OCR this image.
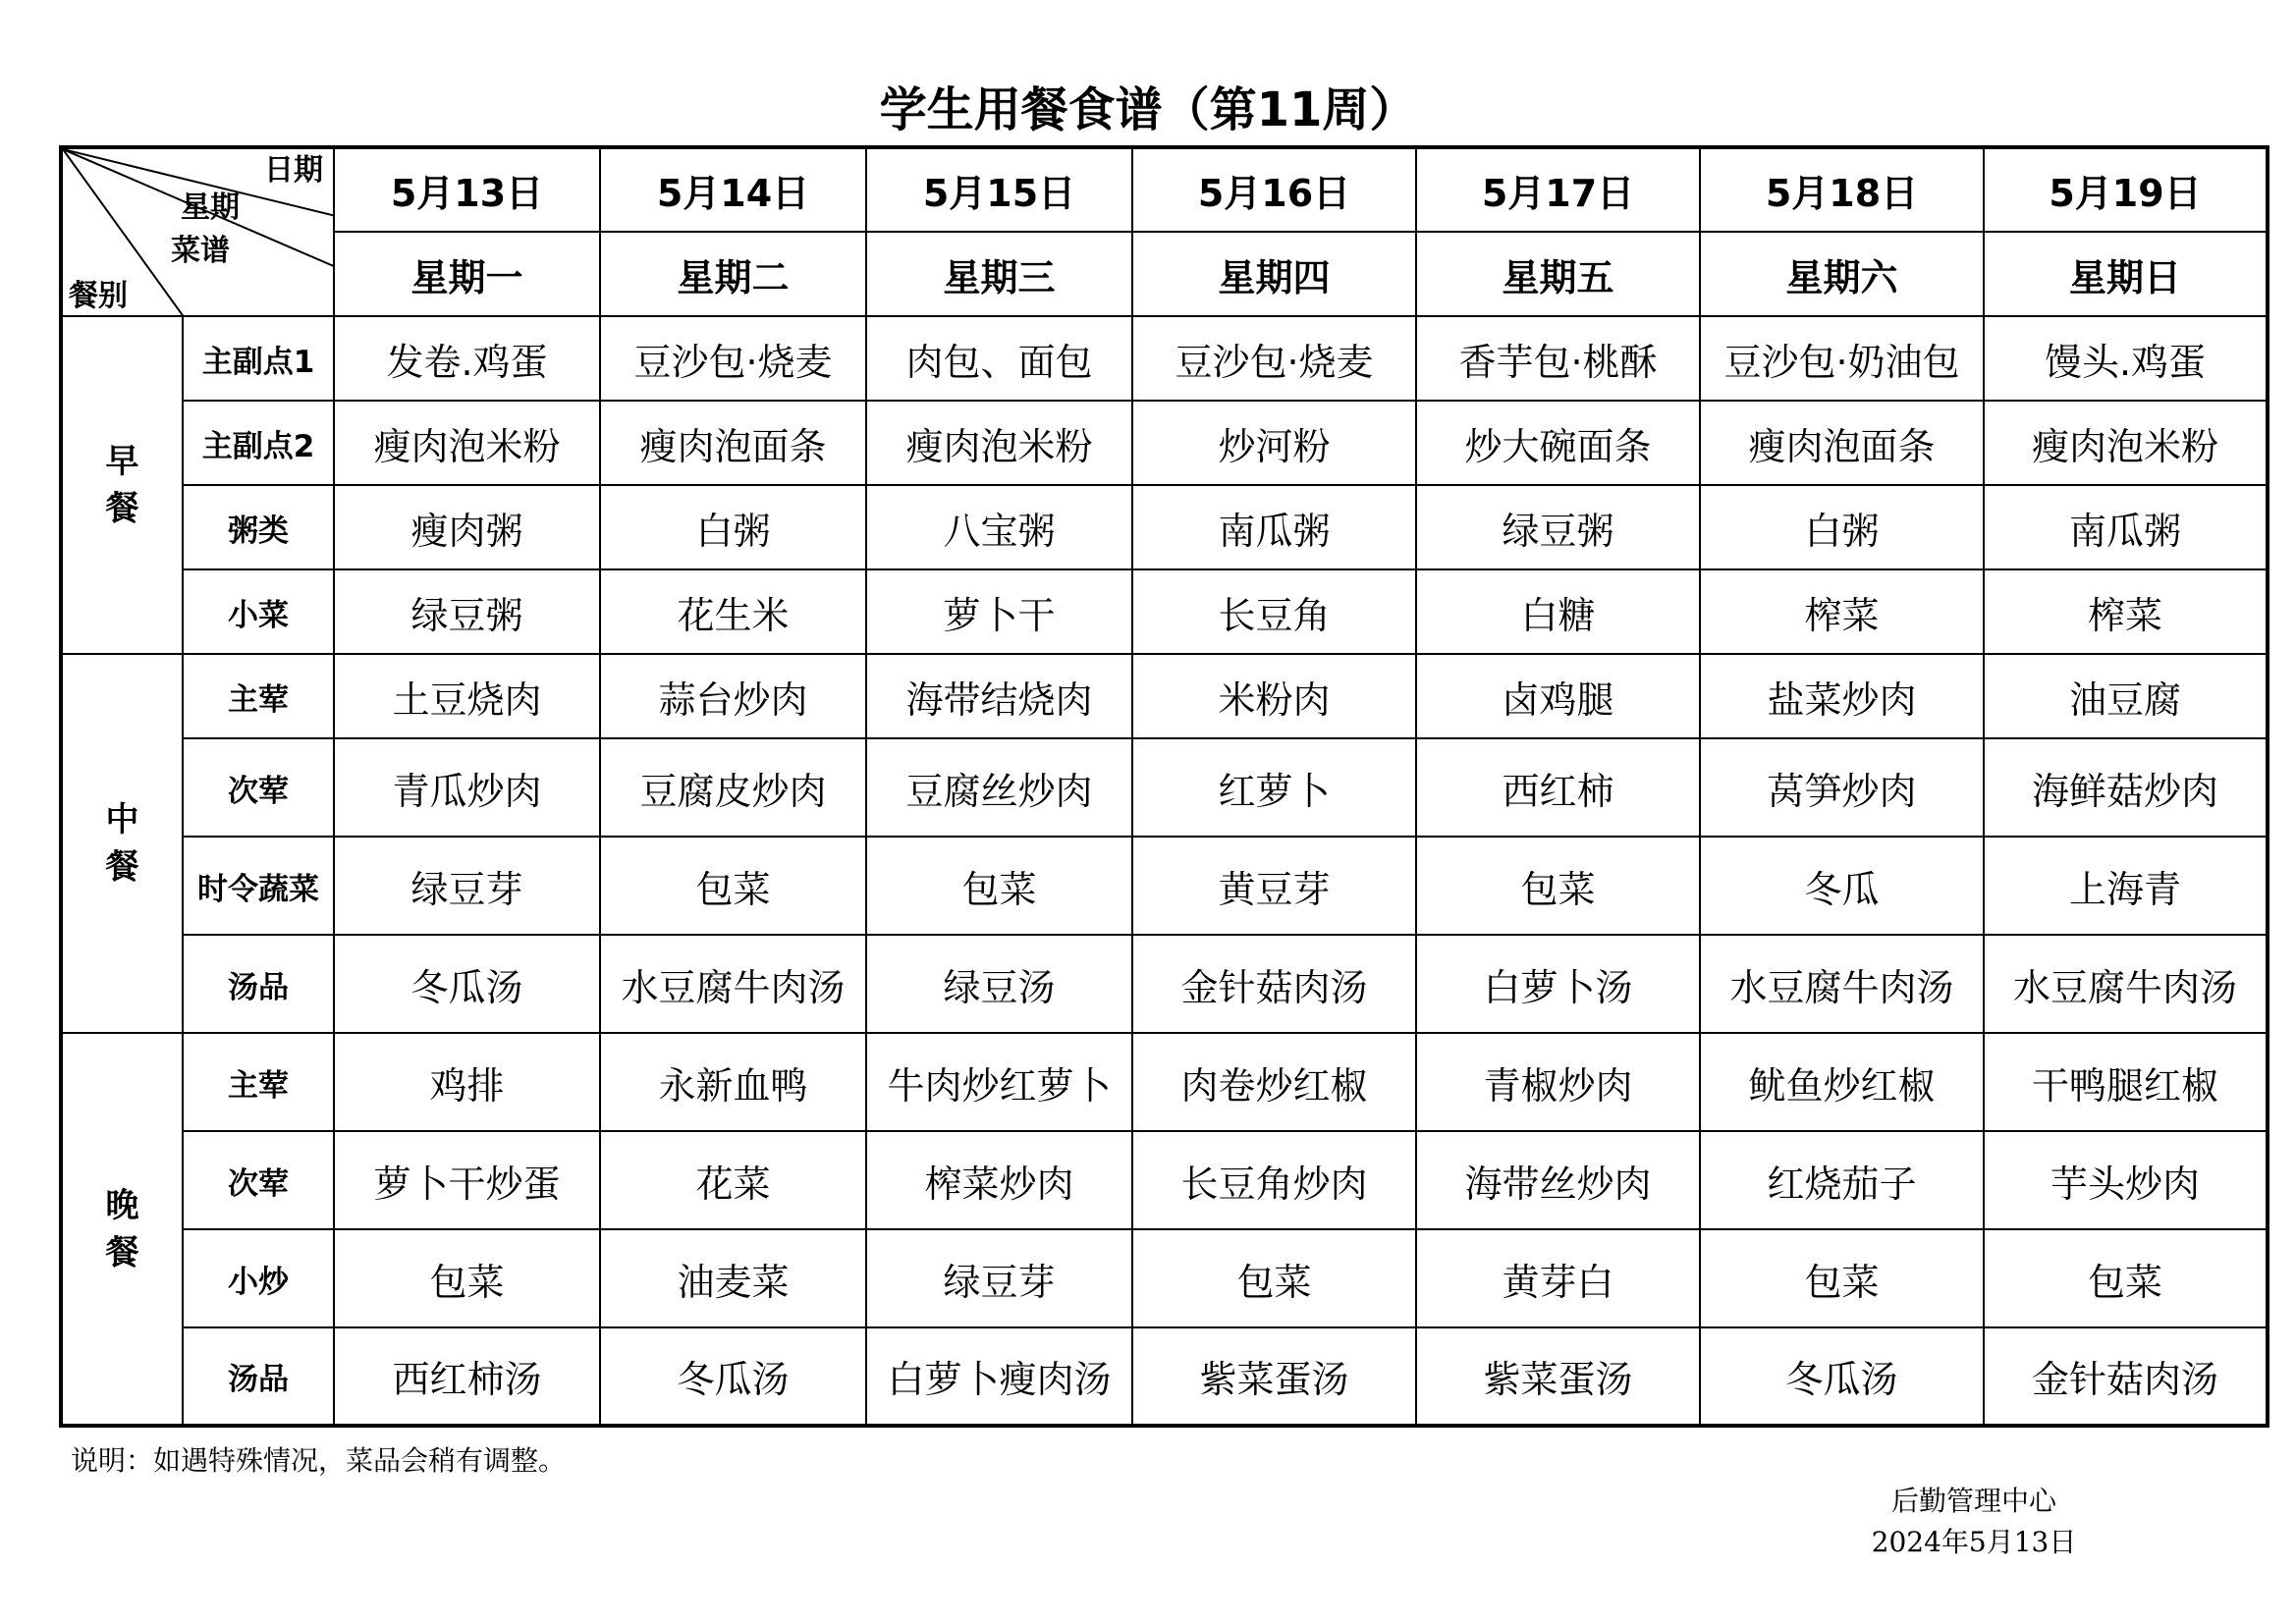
学生用餐食谱（第11周）
日期
星期
菜谱
餐别		5月13日	5月14日	5月15日	5月16日	5月17日	5月18日	5月19日
		星期一	星期二	星期三	星期四	星期五	星期六	星期日

早
餐	主副点1	发卷.鸡蛋	豆沙包·烧麦	肉包、面包	豆沙包·烧麦	香芋包·桃酥	豆沙包·奶油包	馒头.鸡蛋
	主副点2	瘦肉泡米粉	瘦肉泡面条	瘦肉泡米粉	炒河粉	炒大碗面条	瘦肉泡面条	瘦肉泡米粉
	粥类	瘦肉粥	白粥	八宝粥	南瓜粥	绿豆粥	白粥	南瓜粥
	小菜	绿豆粥	花生米	萝卜干	长豆角	白糖	榨菜	榨菜

中
餐	主荤	土豆烧肉	蒜台炒肉	海带结烧肉	米粉肉	卤鸡腿	盐菜炒肉	油豆腐
	次荤	青瓜炒肉	豆腐皮炒肉	豆腐丝炒肉	红萝卜	西红柿	莴笋炒肉	海鲜菇炒肉
	时令蔬菜	绿豆芽	包菜	包菜	黄豆芽	包菜	冬瓜	上海青
	汤品	冬瓜汤	水豆腐牛肉汤	绿豆汤	金针菇肉汤	白萝卜汤	水豆腐牛肉汤	水豆腐牛肉汤

晚
餐	主荤	鸡排	永新血鸭	牛肉炒红萝卜	肉卷炒红椒	青椒炒肉	鱿鱼炒红椒	干鸭腿红椒
	次荤	萝卜干炒蛋	花菜	榨菜炒肉	长豆角炒肉	海带丝炒肉	红烧茄子	芋头炒肉
	小炒	包菜	油麦菜	绿豆芽	包菜	黄芽白	包菜	包菜
	汤品	西红柿汤	冬瓜汤	白萝卜瘦肉汤	紫菜蛋汤	紫菜蛋汤	冬瓜汤	金针菇肉汤
说明：如遇特殊情况，菜品会稍有调整。
后勤管理中心
2024年5月13日
